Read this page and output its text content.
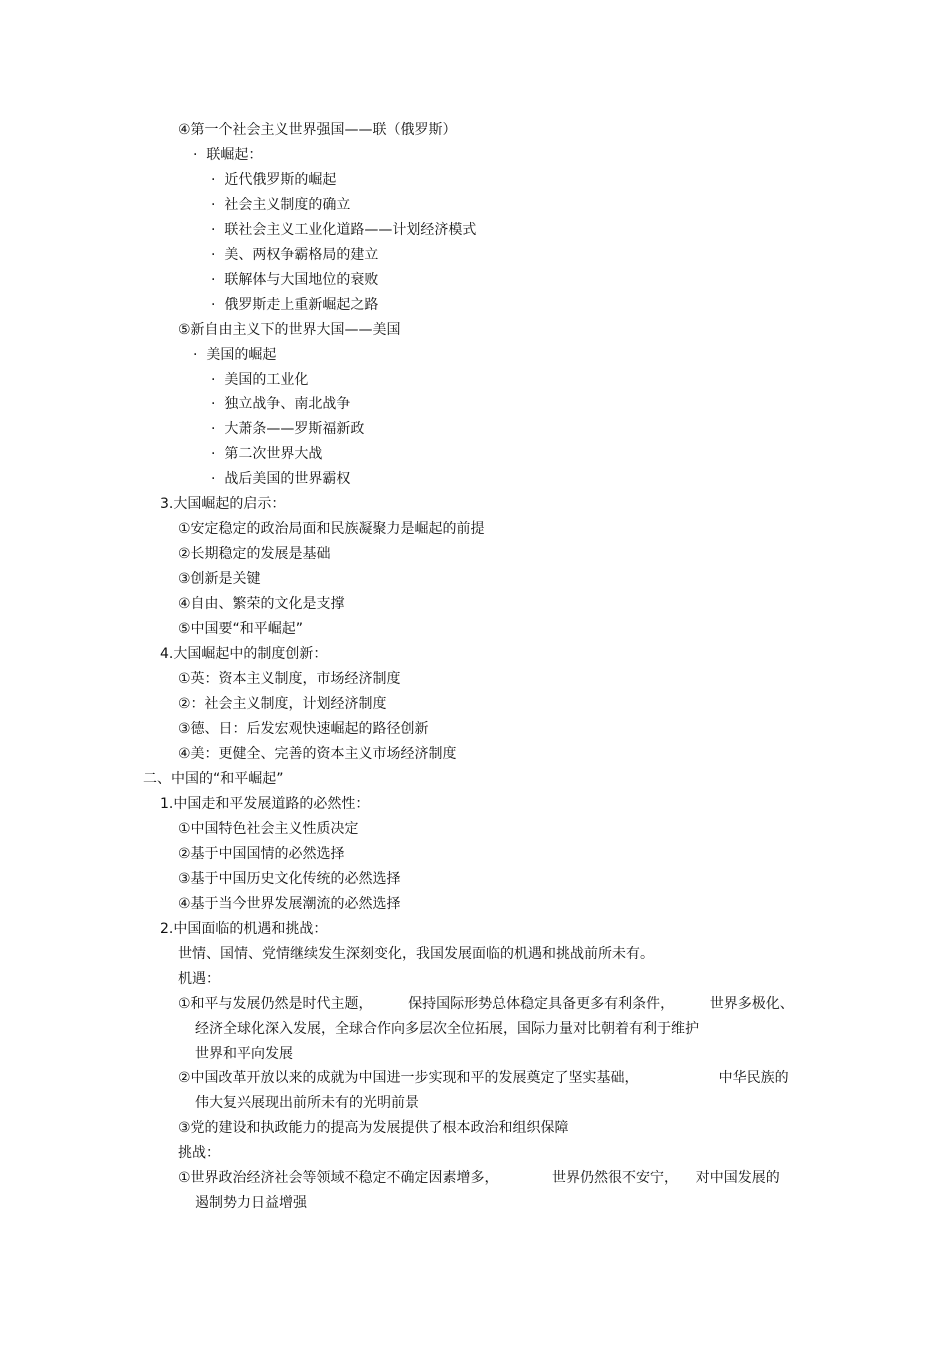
④第一个社会主义世界强国——联（俄罗斯）
·  联崛起：
·  近代俄罗斯的崛起
·  社会主义制度的确立
·  联社会主义工业化道路——计划经济模式
·  美、两权争霸格局的建立
·  联解体与大国地位的衰败
·  俄罗斯走上重新崛起之路
⑤新自由主义下的世界大国——美国
·  美国的崛起
·  美国的工业化
·  独立战争、南北战争
·  大萧条——罗斯福新政
·  第二次世界大战
·  战后美国的世界霸权
3.大国崛起的启示：
①安定稳定的政治局面和民族凝聚力是崛起的前提
②长期稳定的发展是基础
③创新是关键
④自由、繁荣的文化是支撑
⑤中国要“和平崛起”
4.大国崛起中的制度创新：
①英：资本主义制度，市场经济制度
②：社会主义制度，计划经济制度
③德、日：后发宏观快速崛起的路径创新
④美：更健全、完善的资本主义市场经济制度
二、中国的“和平崛起”
1.中国走和平发展道路的必然性：
①中国特色社会主义性质决定
②基于中国国情的必然选择
③基于中国历史文化传统的必然选择
④基于当今世界发展潮流的必然选择
2.中国面临的机遇和挑战：
世情、国情、党情继续发生深刻变化，我国发展面临的机遇和挑战前所未有。
机遇：
①和平与发展仍然是时代主题，        保持国际形势总体稳定具备更多有利条件，        世界多极化、
经济全球化深入发展，全球合作向多层次全位拓展，国际力量对比朝着有利于维护
世界和平向发展
②中国改革开放以来的成就为中国进一步实现和平的发展奠定了坚实基础，                  中华民族的
伟大复兴展现出前所未有的光明前景
③党的建设和执政能力的提高为发展提供了根本政治和组织保障
挑战：
①世界政治经济社会等领域不稳定不确定因素增多，            世界仍然很不安宁，    对中国发展的
遏制势力日益增强
